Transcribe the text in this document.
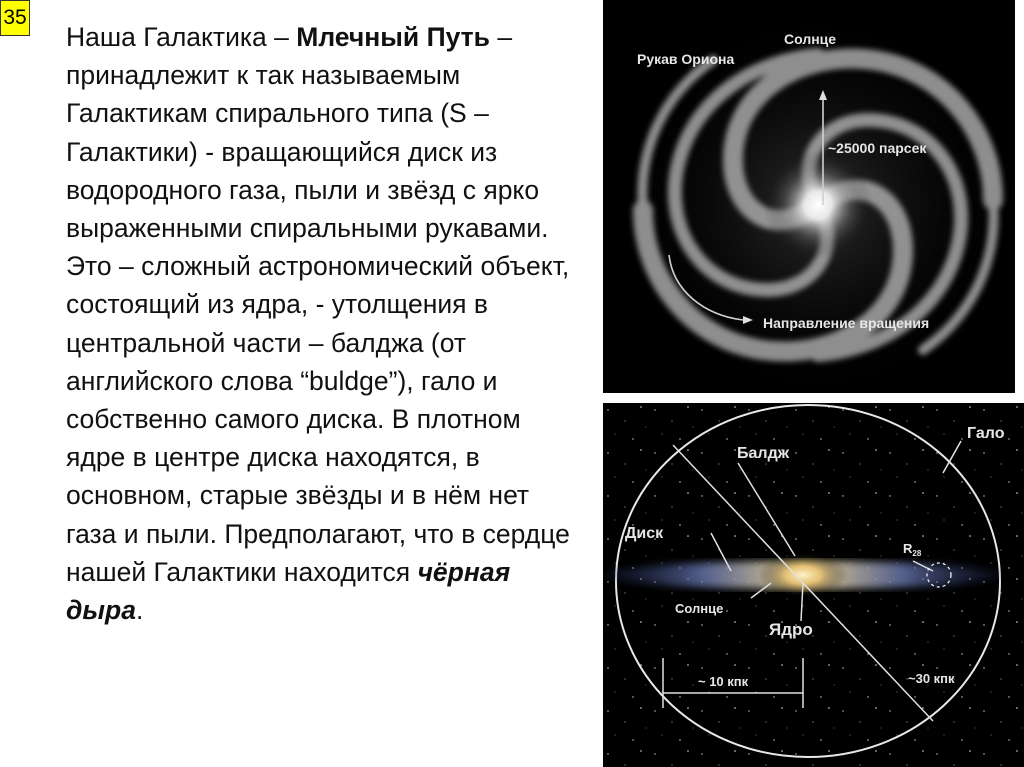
35

Наша Галактика – Млечный Путь – принадлежит к так называемым Галактикам спирального типа (S – Галактики) - вращающийся диск из водородного газа, пыли и звёзд с ярко выраженными спиральными рукавами. Это – сложный астрономический объект, состоящий из ядра, - утолщения в центральной части – балджа (от английского слова “buldge”), гало и собственно самого диска. В плотном ядре в центре диска находятся, в основном, старые звёзды и в нём нет газа и пыли. Предполагают, что в сердце нашей Галактики находится чёрная дыра.

Солнце
Рукав Ориона
~25000 парсек
Направление вращения
Балдж
Гало
Диск
$R_{28}$
Солнце
Ядро
~ 10 кпк	~30 кпк
